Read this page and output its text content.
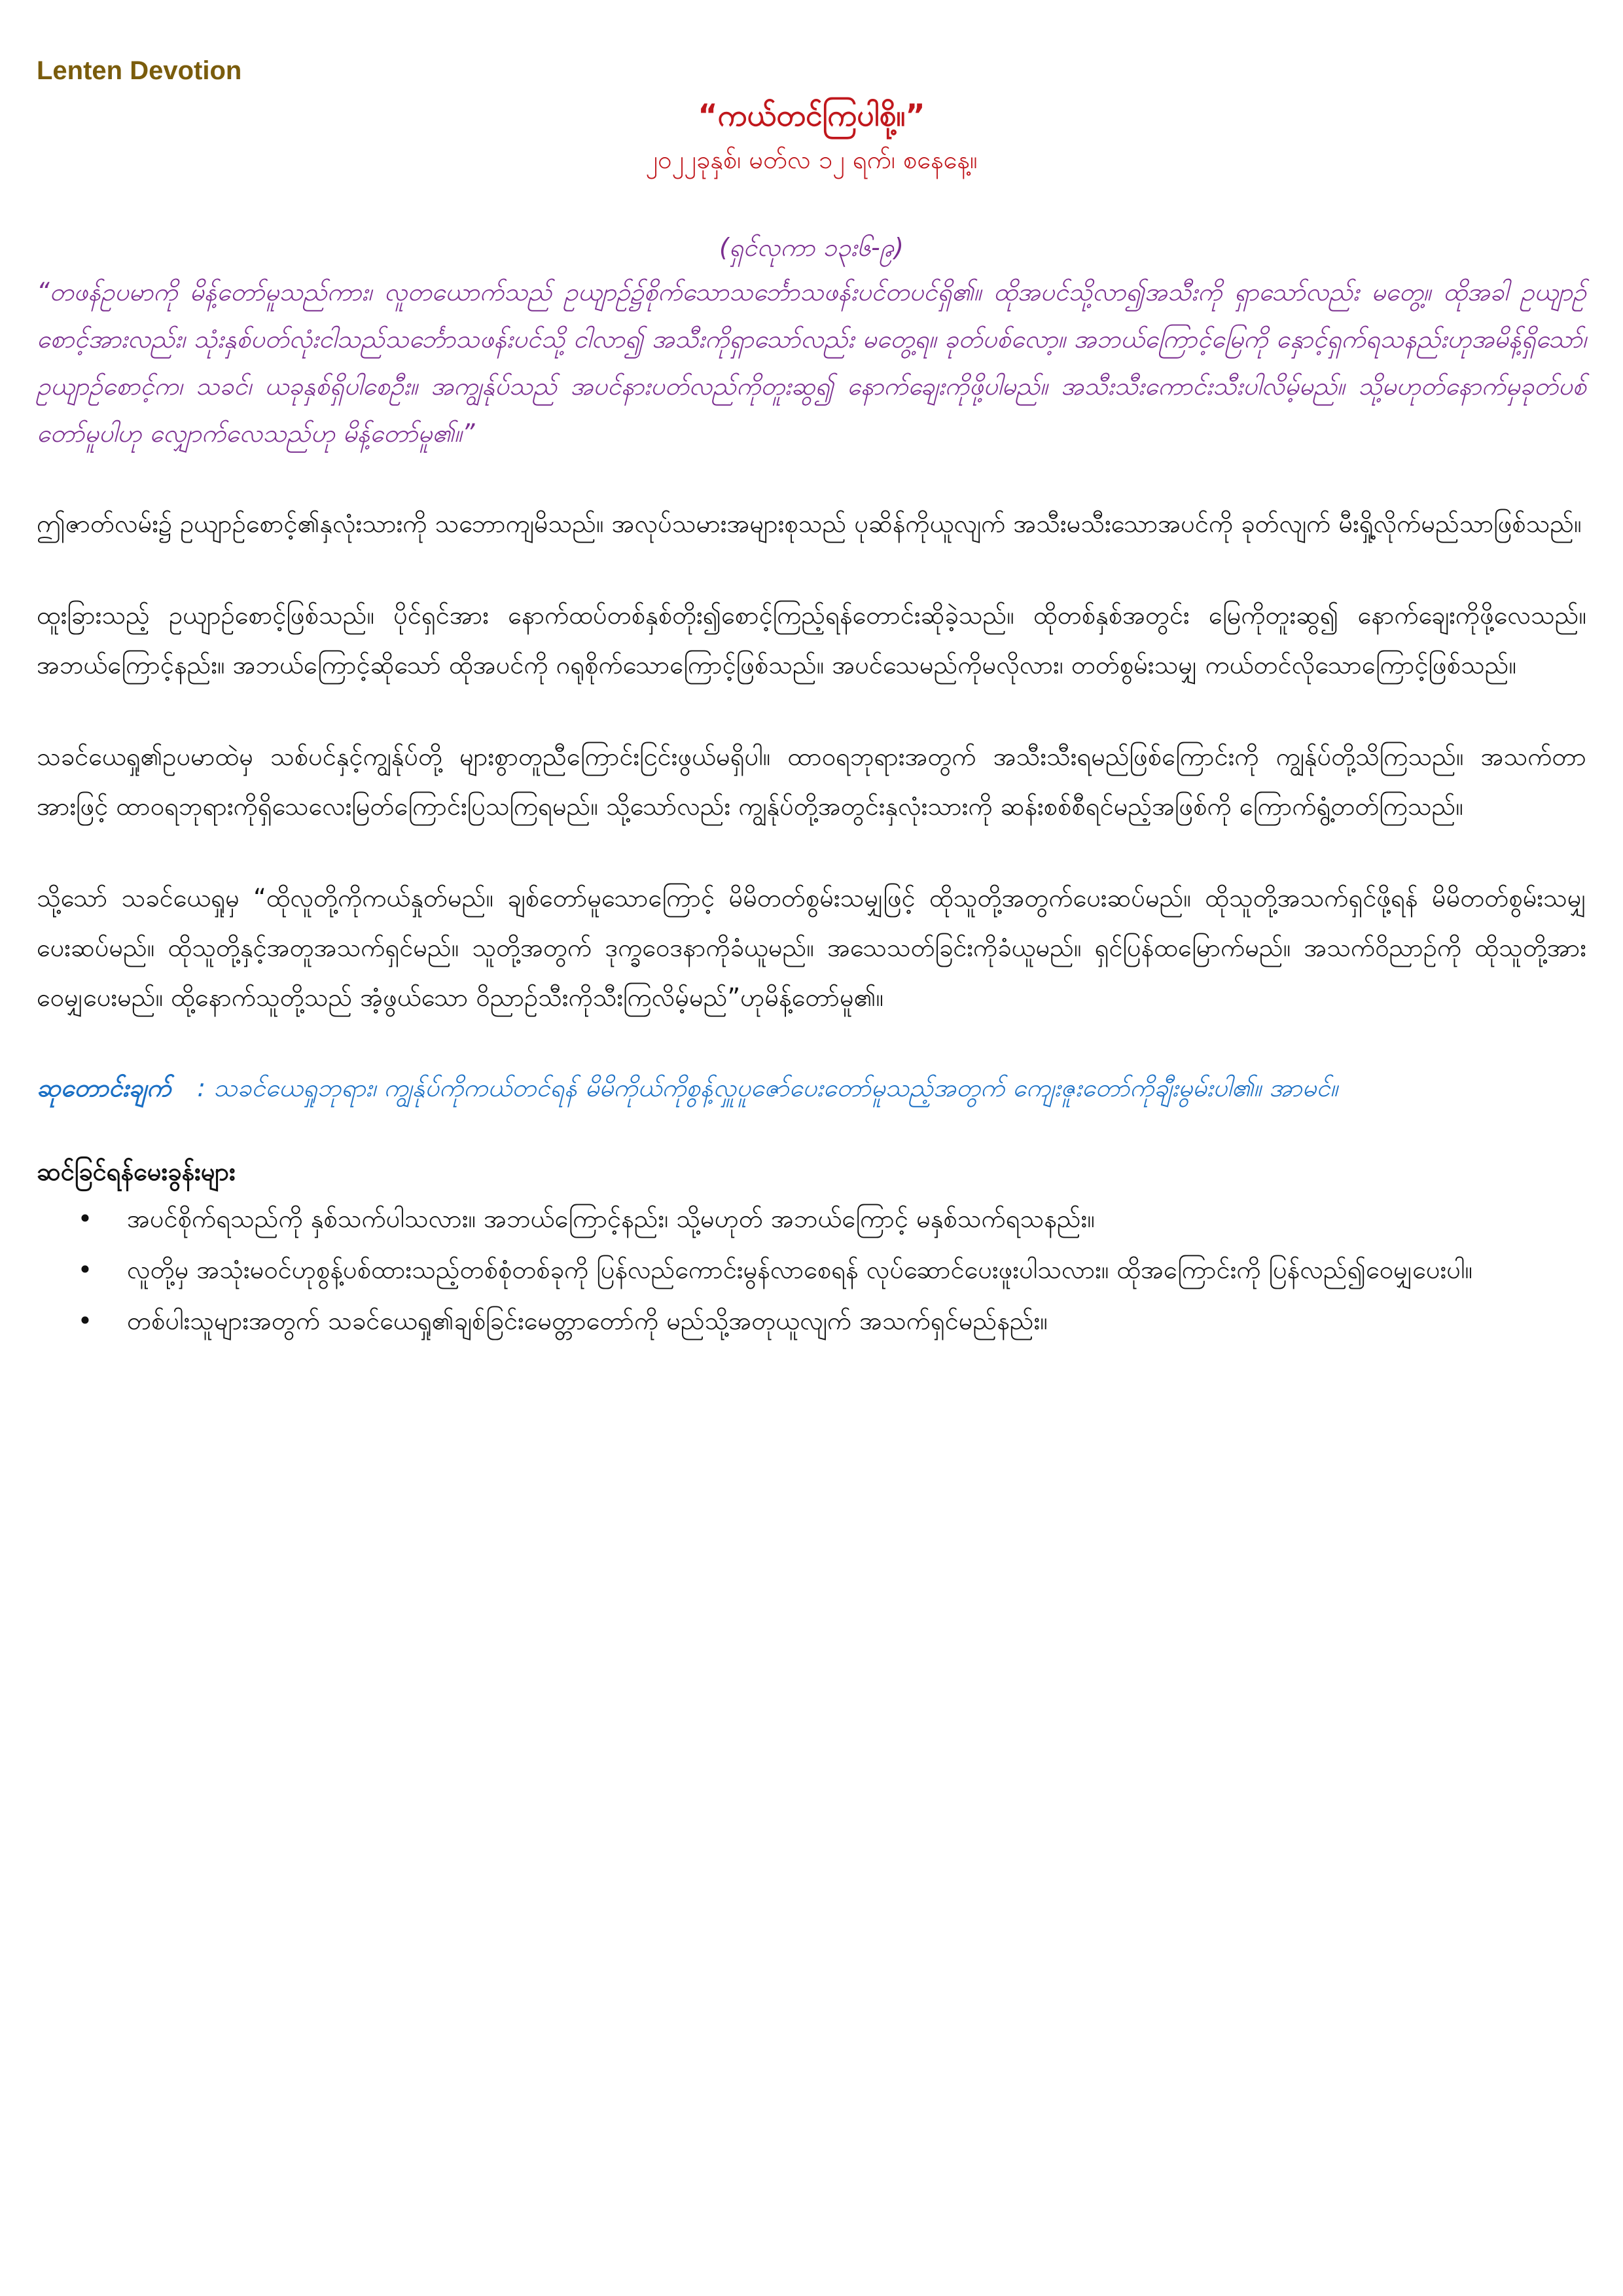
Lenten Devotion
“ကယ်တင်ကြပါစို့။”
၂၀၂၂ခုနှစ်၊ မတ်လ ၁၂ ရက်၊ စနေနေ့။
(ရှင်လုကာ ၁၃း၆-၉)

“တဖန်ဥပမာကို မိန့်တော်မူသည်ကား၊ လူတယောက်သည် ဥယျာဉ်၌စိုက်သောသင်္ဘောသဖန်းပင်တပင်ရှိ၏။ ထိုအပင်သို့လာ၍အသီးကို ရှာသော်လည်း မတွေ့။ ထိုအခါ ဥယျာဉ်စောင့်အားလည်း၊ သုံးနှစ်ပတ်လုံးငါသည်သင်္ဘောသဖန်းပင်သို့ ငါလာ၍ အသီးကိုရှာသော်လည်း မတွေ့ရ။ ခုတ်ပစ်လော့။ အဘယ်ကြောင့်မြေကို နှောင့်ရှက်ရသနည်းဟုအမိန့်ရှိသော်၊ ဥယျာဉ်စောင့်က၊ သခင်၊ ယခုနှစ်ရှိပါစေဦး။ အကျွန်ုပ်သည် အပင်နားပတ်လည်ကိုတူးဆွ၍ နောက်ချေးကိုဖို့ပါမည်။ အသီးသီးကောင်းသီးပါလိမ့်မည်။ သို့မဟုတ်နောက်မှခုတ်ပစ်တော်မူပါဟု လျှောက်လေသည်ဟု မိန့်တော်မူ၏။”

ဤဇာတ်လမ်း၌ ဥယျာဉ်စောင့်၏နှလုံးသားကို သဘောကျမိသည်။ အလုပ်သမားအများစုသည် ပုဆိန်ကိုယူလျက် အသီးမသီးသောအပင်ကို ခုတ်လျက် မီးရှို့လိုက်မည်သာဖြစ်သည်။

ထူးခြားသည့် ဥယျာဉ်စောင့်ဖြစ်သည်။ ပိုင်ရှင်အား နောက်ထပ်တစ်နှစ်တိုး၍စောင့်ကြည့်ရန်တောင်းဆိုခဲ့သည်။ ထိုတစ်နှစ်အတွင်း မြေကိုတူးဆွ၍ နောက်ချေးကိုဖို့လေသည်။ အဘယ်ကြောင့်နည်း။ အဘယ်ကြောင့်ဆိုသော် ထိုအပင်ကို ဂရုစိုက်သောကြောင့်ဖြစ်သည်။ အပင်သေမည်ကိုမလိုလား၊ တတ်စွမ်းသမျှ ကယ်တင်လိုသောကြောင့်ဖြစ်သည်။

သခင်ယေရှု၏ဥပမာထဲမှ သစ်ပင်နှင့်ကျွန်ုပ်တို့ များစွာတူညီကြောင်းငြင်းဖွယ်မရှိပါ။ ထာဝရဘုရားအတွက် အသီးသီးရမည်ဖြစ်ကြောင်းကို ကျွန်ုပ်တို့သိကြသည်။ အသက်တာအားဖြင့် ထာဝရဘုရားကိုရှိသေလေးမြတ်ကြောင်းပြသကြရမည်။ သို့သော်လည်း ကျွန်ုပ်တို့အတွင်းနှလုံးသားကို ဆန်းစစ်စီရင်မည့်အဖြစ်ကို ကြောက်ရွံ့တတ်ကြသည်။

သို့သော် သခင်ယေရှုမှ “ထိုလူတို့ကိုကယ်နှုတ်မည်။ ချစ်တော်မူသောကြောင့် မိမိတတ်စွမ်းသမျှဖြင့် ထိုသူတို့အတွက်ပေးဆပ်မည်။ ထိုသူတို့အသက်ရှင်ဖို့ရန် မိမိတတ်စွမ်းသမျှပေးဆပ်မည်။ ထိုသူတို့နှင့်အတူအသက်ရှင်မည်။ သူတို့အတွက် ဒုက္ခဝေဒနာကိုခံယူမည်။ အသေသတ်ခြင်းကိုခံယူမည်။ ရှင်ပြန်ထမြောက်မည်။ အသက်ဝိညာဉ်ကို ထိုသူတို့အားဝေမျှပေးမည်။ ထို့နောက်သူတို့သည် အံ့ဖွယ်သော ဝိညာဉ်သီးကိုသီးကြလိမ့်မည်”ဟုမိန့်တော်မူ၏။

ဆုတောင်းချက် : သခင်ယေရှုဘုရား၊ ကျွန်ုပ်ကိုကယ်တင်ရန် မိမိကိုယ်ကိုစွန့်လှူပူဇော်ပေးတော်မူသည့်အတွက် ကျေးဇူးတော်ကိုချီးမွမ်းပါ၏။ အာမင်။

ဆင်ခြင်ရန်မေးခွန်းများ
• အပင်စိုက်ရသည်ကို နှစ်သက်ပါသလား။ အဘယ်ကြောင့်နည်း၊ သို့မဟုတ် အဘယ်ကြောင့် မနှစ်သက်ရသနည်း။
• လူတို့မှ အသုံးမဝင်ဟုစွန့်ပစ်ထားသည့်တစ်စုံတစ်ခုကို ပြန်လည်ကောင်းမွန်လာစေရန် လုပ်ဆောင်ပေးဖူးပါသလား။ ထိုအကြောင်းကို ပြန်လည်၍ဝေမျှပေးပါ။
• တစ်ပါးသူများအတွက် သခင်ယေရှု၏ချစ်ခြင်းမေတ္တာတော်ကို မည်သို့အတုယူလျက် အသက်ရှင်မည်နည်း။
